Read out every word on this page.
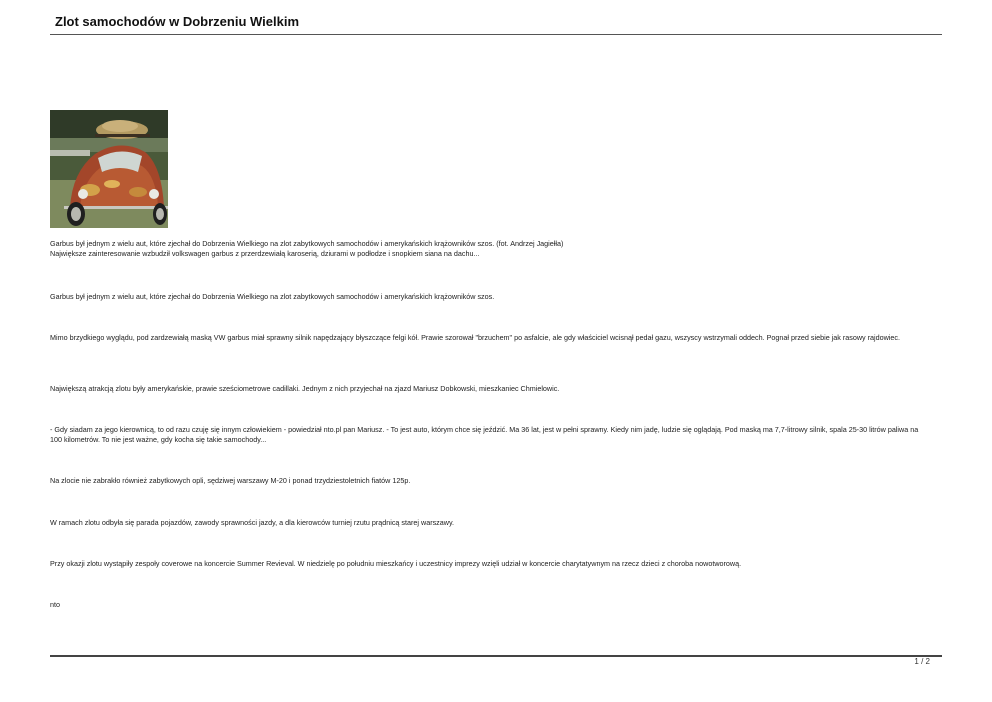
Zlot samochodów w Dobrzeniu Wielkim

Garbus był jednym z wielu aut, które zjechał do Dobrzenia Wielkiego na zlot zabytkowych samochodów i amerykańskich krążowników szos. (fot. Andrzej Jagiełła)
Największe zainteresowanie wzbudził volkswagen garbus z przerdzewiałą karoserią, dziurami w podłodze i snopkiem siana na dachu...

Garbus był jednym z wielu aut, które zjechał do Dobrzenia Wielkiego na zlot zabytkowych samochodów i amerykańskich krążowników szos.

Mimo brzydkiego wyglądu, pod zardzewiałą maską VW garbus miał sprawny silnik napędzający błyszczące felgi kół. Prawie szorował "brzuchem" po asfalcie, ale gdy właściciel wcisnął pedał gazu, wszyscy wstrzymali oddech. Pognał przed siebie jak rasowy rajdowiec.

Największą atrakcją zlotu były amerykańskie, prawie sześciometrowe cadillaki. Jednym z nich przyjechał na zjazd Mariusz Dobkowski, mieszkaniec Chmielowic.

- Gdy siadam za jego kierownicą, to od razu czuję się innym człowiekiem - powiedział nto.pl pan Mariusz. - To jest auto, którym chce się jeździć. Ma 36 lat, jest w pełni sprawny. Kiedy nim jadę, ludzie się oglądają. Pod maską ma 7,7-litrowy silnik, spala 25-30 litrów paliwa na 100 kilometrów. To nie jest ważne, gdy kocha się takie samochody...

Na zlocie nie zabrakło również zabytkowych opli, sędziwej warszawy M-20 i ponad trzydziestoletnich fiatów 125p.

W ramach zlotu odbyła się parada pojazdów, zawody sprawności jazdy, a dla kierowców turniej rzutu prądnicą starej warszawy.

Przy okazji zlotu wystąpiły zespoły coverowe na koncercie Summer Revieval. W niedzielę po południu mieszkańcy i uczestnicy imprezy wzięli udział w koncercie charytatywnym na rzecz dzieci z choroba nowotworową.

nto

1 / 2
